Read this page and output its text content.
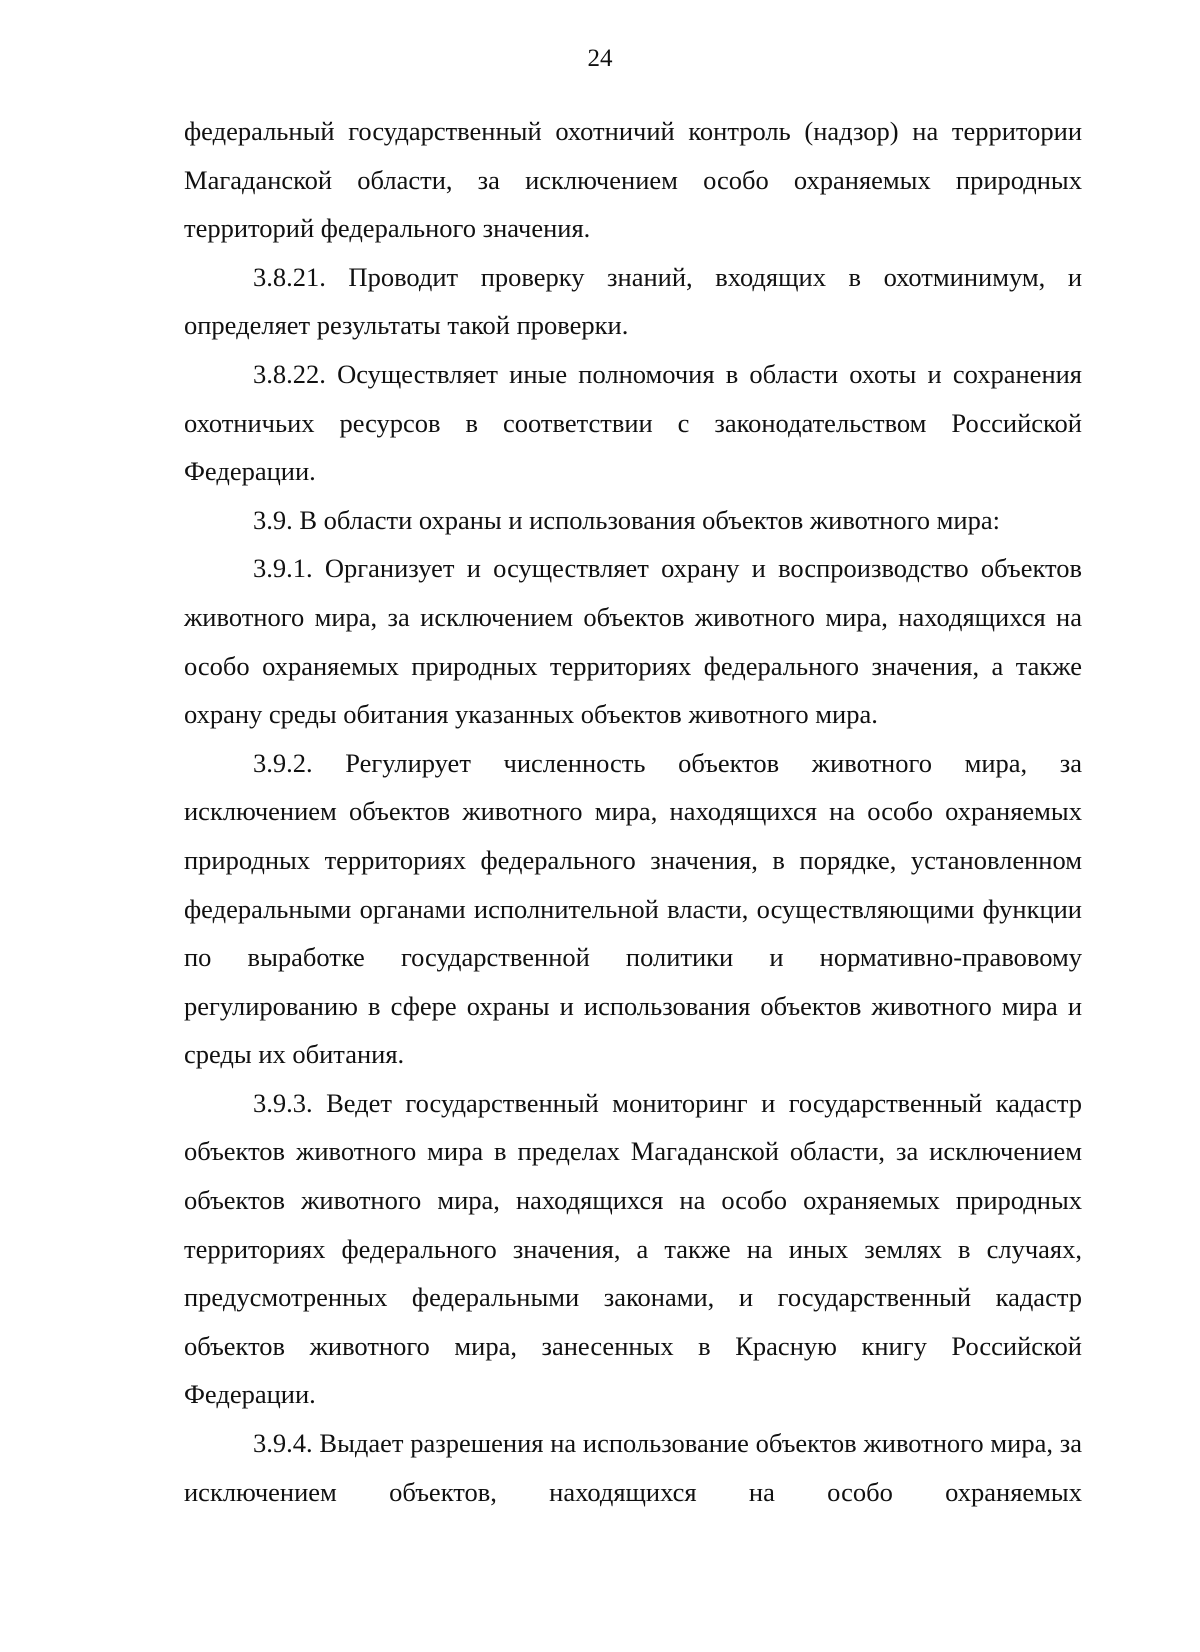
24

федеральный государственный охотничий контроль (надзор) на территории Магаданской области, за исключением особо охраняемых природных территорий федерального значения.

3.8.21. Проводит проверку знаний, входящих в охотминимум, и определяет результаты такой проверки.

3.8.22. Осуществляет иные полномочия в области охоты и сохранения охотничьих ресурсов в соответствии с законодательством Российской Федерации.

3.9. В области охраны и использования объектов животного мира:

3.9.1. Организует и осуществляет охрану и воспроизводство объектов животного мира, за исключением объектов животного мира, находящихся на особо охраняемых природных территориях федерального значения, а также охрану среды обитания указанных объектов животного мира.

3.9.2. Регулирует численность объектов животного мира, за исключением объектов животного мира, находящихся на особо охраняемых природных территориях федерального значения, в порядке, установленном федеральными органами исполнительной власти, осуществляющими функции по выработке государственной политики и нормативно-правовому регулированию в сфере охраны и использования объектов животного мира и среды их обитания.

3.9.3. Ведет государственный мониторинг и государственный кадастр объектов животного мира в пределах Магаданской области, за исключением объектов животного мира, находящихся на особо охраняемых природных территориях федерального значения, а также на иных землях в случаях, предусмотренных федеральными законами, и государственный кадастр объектов животного мира, занесенных в Красную книгу Российской Федерации.

3.9.4. Выдает разрешения на использование объектов животного мира, за исключением объектов, находящихся на особо охраняемых
